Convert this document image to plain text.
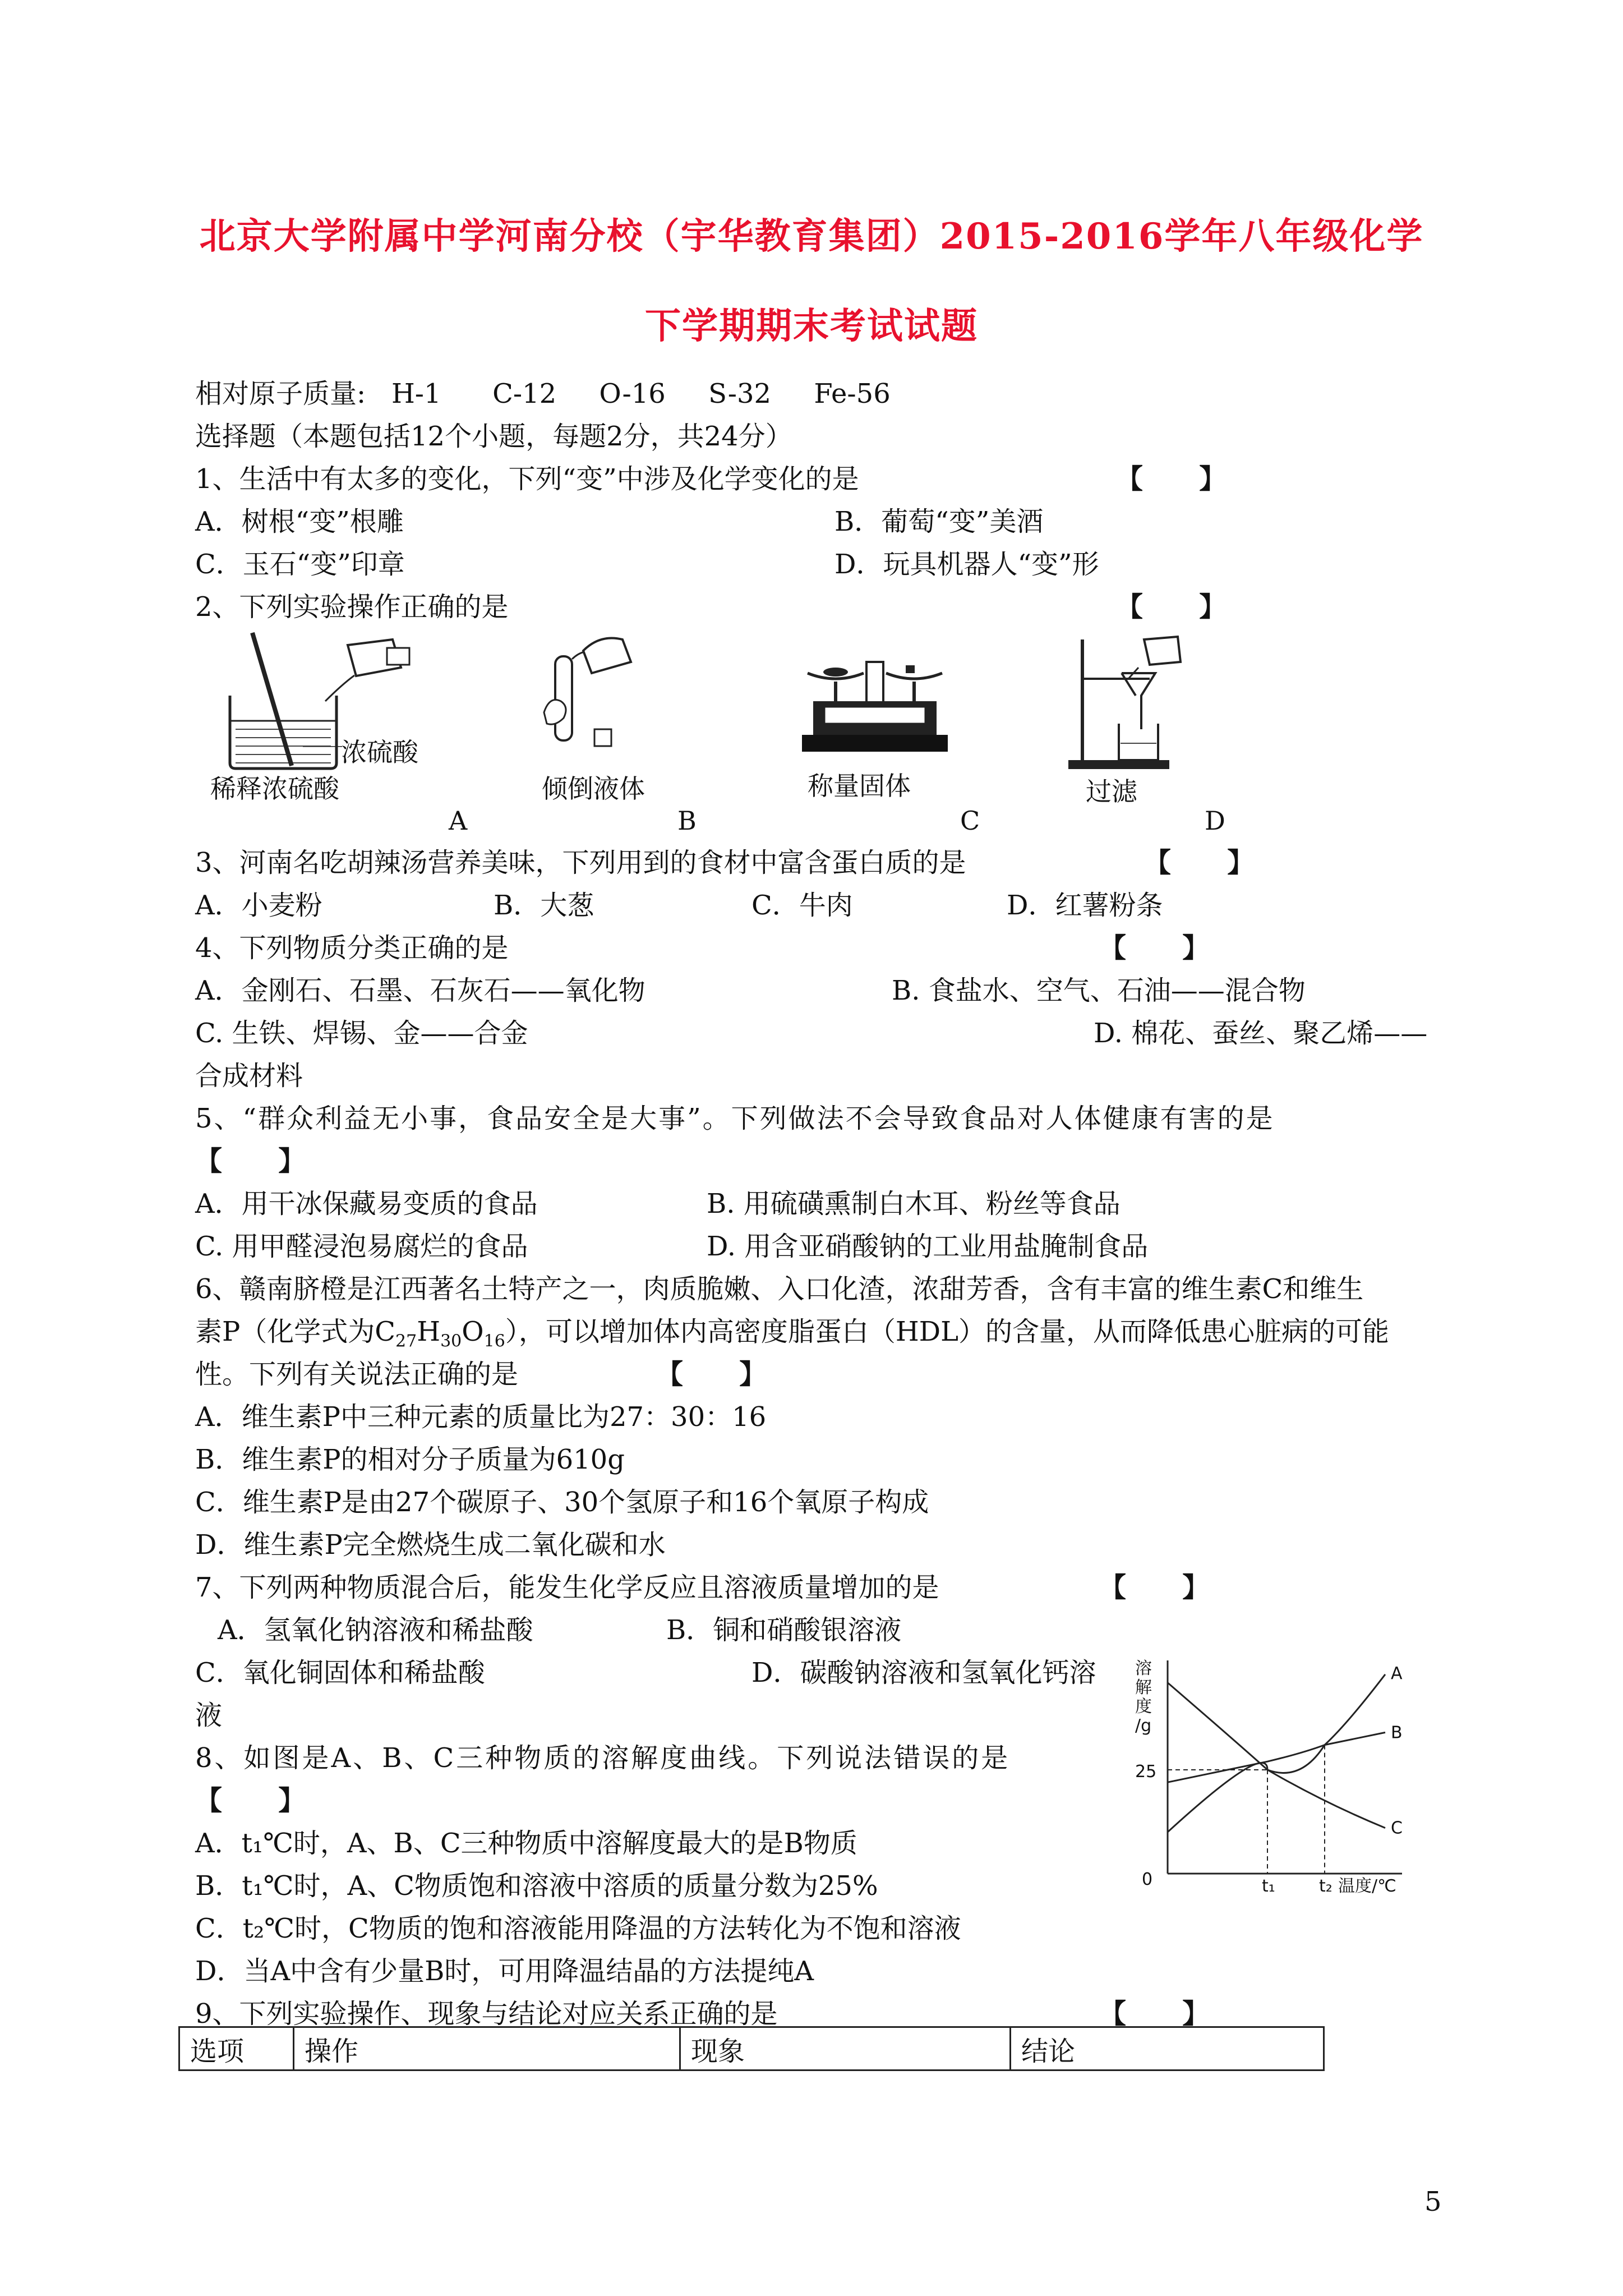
北京大学附属中学河南分校（宇华教育集团）2015-2016学年八年级化学
下学期期末考试试题
相对原子质量:   H-1      C-12     O-16     S-32     Fe-56
选择题（本题包括12个小题，每题2分，共24分）
1、生活中有太多的变化，下列“变”中涉及化学变化的是	【      】
A．树根“变”根雕	B．葡萄“变”美酒
C．玉石“变”印章	D．玩具机器人“变”形
2、下列实验操作正确的是	【      】
浓硫酸
稀释浓硫酸	倾倒液体	称量固体	过滤
A	B	C	D
3、河南名吃胡辣汤营养美味，下列用到的食材中富含蛋白质的是	【      】
A．小麦粉	B．大葱	C．牛肉	D．红薯粉条
4、下列物质分类正确的是	【      】
A．金刚石、石墨、石灰石——氧化物	B. 食盐水、空气、石油——混合物
C. 生铁、焊锡、金——合金	D. 棉花、蚕丝、聚乙烯——
合成材料
5、“群众利益无小事，食品安全是大事”。下列做法不会导致食品对人体健康有害的是
【      】
A．用干冰保藏易变质的食品	B. 用硫磺熏制白木耳、粉丝等食品
C. 用甲醛浸泡易腐烂的食品	D. 用含亚硝酸钠的工业用盐腌制食品
6、赣南脐橙是江西著名土特产之一，肉质脆嫩、入口化渣，浓甜芳香，含有丰富的维生素C和维生
素P（化学式为$C_{27}H_{30}O_{16}$），可以增加体内高密度脂蛋白（HDL）的含量，从而降低患心脏病的可能
性。下列有关说法正确的是	【      】
A．维生素P中三种元素的质量比为27：30：16
B．维生素P的相对分子质量为610g
C．维生素P是由27个碳原子、30个氢原子和16个氧原子构成
D．维生素P完全燃烧生成二氧化碳和水
7、下列两种物质混合后，能发生化学反应且溶液质量增加的是	【      】
A．氢氧化钠溶液和稀盐酸	B．铜和硝酸银溶液
C．氧化铜固体和稀盐酸	D．碳酸钠溶液和氢氧化钙溶
液
8、如图是A、B、C三种物质的溶解度曲线。下列说法错误的是
【      】
A．t₁℃时，A、B、C三种物质中溶解度最大的是B物质
B．t₁℃时，A、C物质饱和溶液中溶质的质量分数为25%
C．t₂℃时，C物质的饱和溶液能用降温的方法转化为不饱和溶液
D．当A中含有少量B时，可用降温结晶的方法提纯A
溶
解
度
/g
0
25
t₁	t₂ 温度/℃
A
B
C
9、下列实验操作、现象与结论对应关系正确的是	【      】
选项	操作	现象	结论
5
